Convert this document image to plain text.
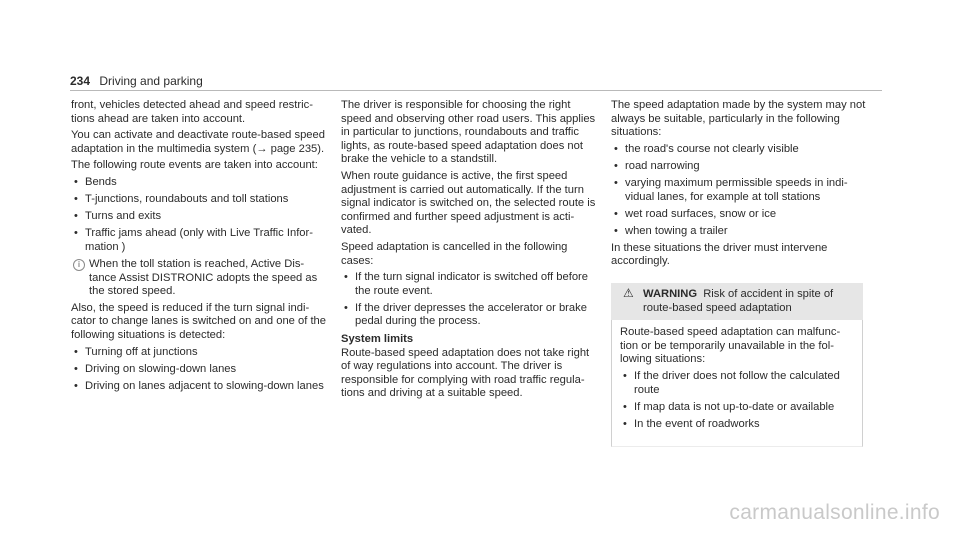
234 Driving and parking

front, vehicles detected ahead and speed restric-tions ahead are taken into account.

You can activate and deactivate route-based speed adaptation in the multimedia system (→ page 235).

The following route events are taken into account:

• Bends
• T-junctions, roundabouts and toll stations
• Turns and exits
• Traffic jams ahead (only with Live Traffic Infor-mation )
i When the toll station is reached, Active Dis-tance Assist DISTRONIC adopts the speed as the stored speed.

Also, the speed is reduced if the turn signal indi-cator to change lanes is switched on and one of the following situations is detected:

• Turning off at junctions
• Driving on slowing-down lanes
• Driving on lanes adjacent to slowing-down lanes

The driver is responsible for choosing the right speed and observing other road users. This applies in particular to junctions, roundabouts and traffic lights, as route-based speed adaptation does not brake the vehicle to a standstill.

When route guidance is active, the first speed adjustment is carried out automatically. If the turn signal indicator is switched on, the selected route is confirmed and further speed adjustment is acti-vated.

Speed adaptation is cancelled in the following cases:

• If the turn signal indicator is switched off before the route event.
• If the driver depresses the accelerator or brake pedal during the process.
System limits

Route-based speed adaptation does not take right of way regulations into account. The driver is responsible for complying with road traffic regula-tions and driving at a suitable speed.

The speed adaptation made by the system may not always be suitable, particularly in the following situations:

• the road's course not clearly visible
• road narrowing
• varying maximum permissible speeds in indi-vidual lanes, for example at toll stations
• wet road surfaces, snow or ice
• when towing a trailer

In these situations the driver must intervene accordingly.

⚠ WARNING Risk of accident in spite of route-based speed adaptation

Route-based speed adaptation can malfunc-tion or be temporarily unavailable in the fol-lowing situations:

• If the driver does not follow the calculated route
• If map data is not up-to-date or available
• In the event of roadworks
carmanualsonline.info
